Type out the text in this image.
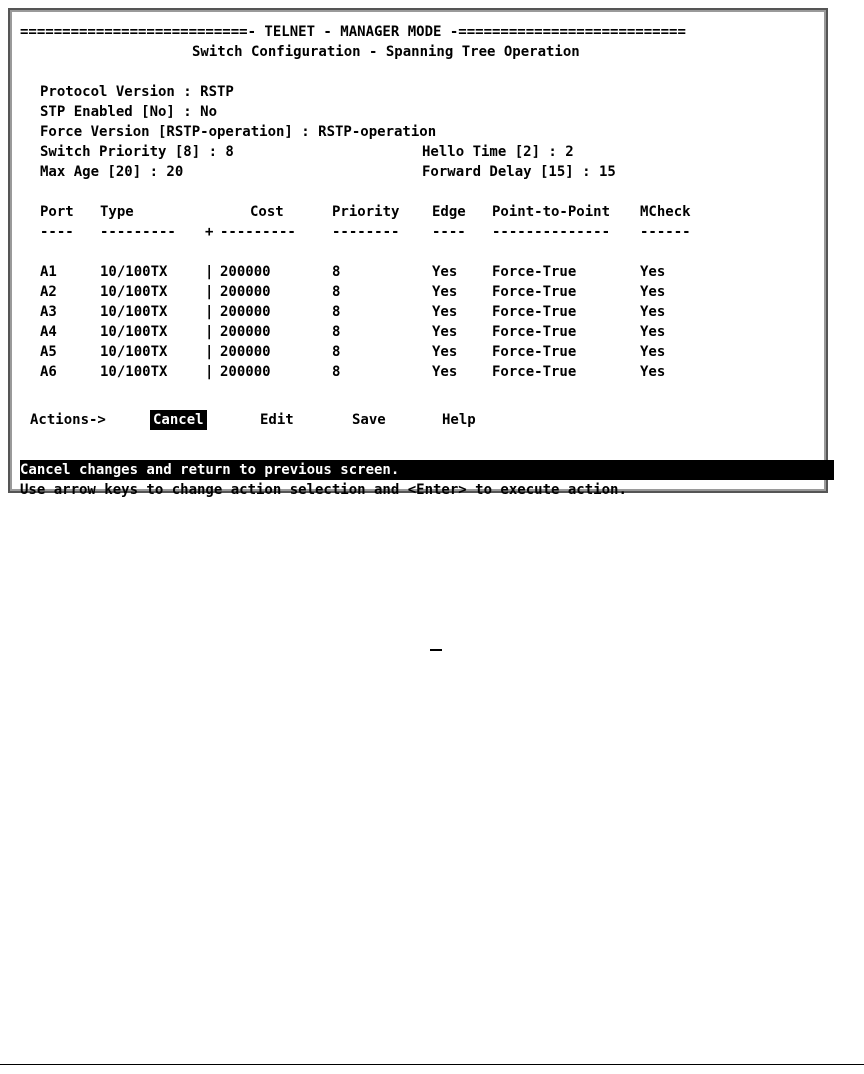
===========================- TELNET - MANAGER MODE -===========================
Switch Configuration - Spanning Tree Operation
Protocol Version : RSTP
STP Enabled [No] : No
Force Version [RSTP-operation] : RSTP-operation
Switch Priority [8] : 8	Hello Time [2] : 2
Max Age [20] : 20	Forward Delay [15] : 15
Port Type	Cost	Priority Edge Point-to-Point MCheck
---- --------- + ---------	-------- ---- -------------- ------
A1	10/100TX	| 200000	8	Yes Force-True	Yes
A2	10/100TX	| 200000	8	Yes Force-True	Yes
A3	10/100TX	| 200000	8	Yes Force-True	Yes
A4	10/100TX	| 200000	8	Yes Force-True	Yes
A5	10/100TX	| 200000	8	Yes Force-True	Yes
A6	10/100TX	| 200000	8	Yes Force-True	Yes
Actions->	Cancel	Edit	Save	Help
Cancel changes and return to previous screen.
Use arrow keys to change action selection and <Enter> to execute action.
